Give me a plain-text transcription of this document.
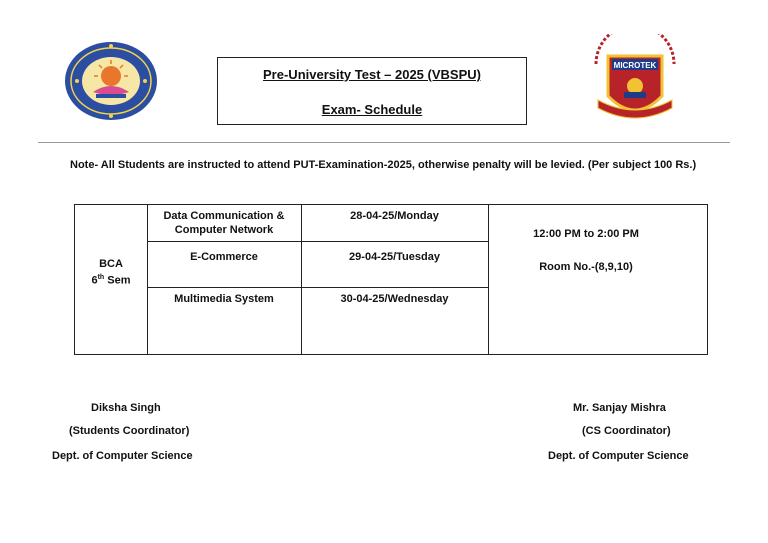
Pre-University Test – 2025 (VBSPU)
Exam- Schedule
MICROTEK
Note- All Students are instructed to attend PUT-Examination-2025, otherwise penalty will be levied. (Per subject 100 Rs.)
BCA
6th Sem
Data Communication & Computer Network
28-04-25/Monday
E-Commerce	29-04-25/Tuesday
Multimedia System	30-04-25/Wednesday
12:00 PM to 2:00 PM
Room No.-(8,9,10)
Diksha Singh
(Students Coordinator)
Dept. of Computer Science
Mr. Sanjay Mishra
(CS Coordinator)
Dept. of Computer Science
